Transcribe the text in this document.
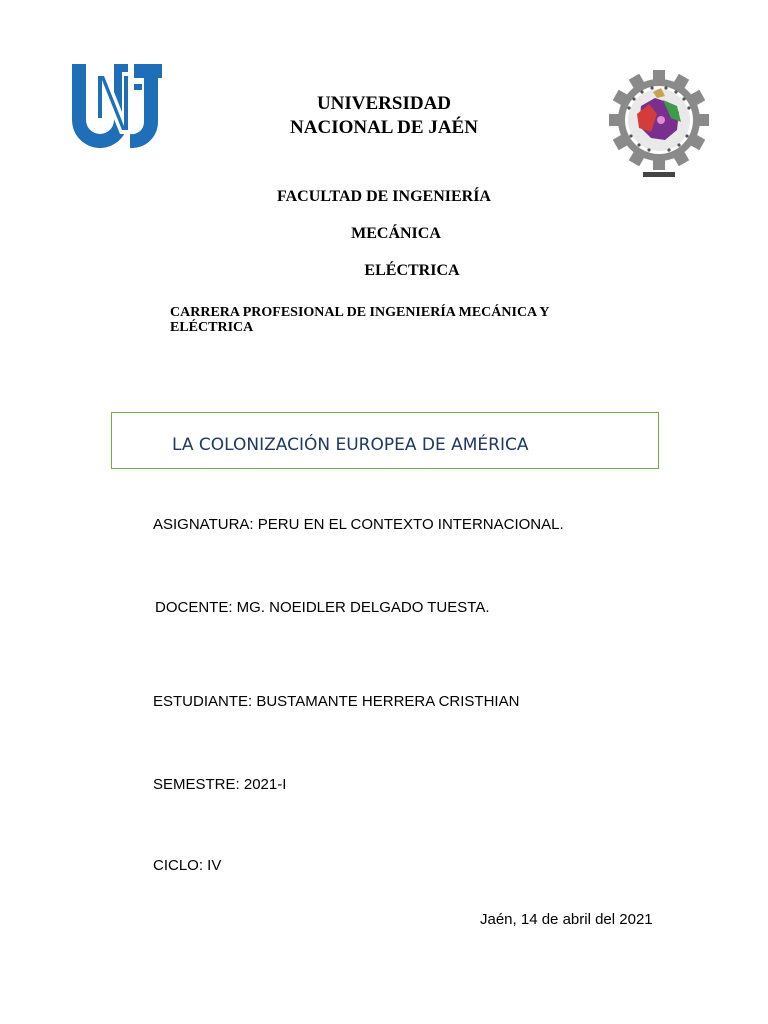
UNIVERSIDAD
NACIONAL DE JAÉN
FACULTAD DE INGENIERÍA
MECÁNICA
ELÉCTRICA
CARRERA PROFESIONAL DE INGENIERÍA MECÁNICA Y ELÉCTRICA
LA COLONIZACIÓN EUROPEA DE AMÉRICA
ASIGNATURA: PERU EN EL CONTEXTO INTERNACIONAL.
DOCENTE: MG. NOEIDLER DELGADO TUESTA.
ESTUDIANTE: BUSTAMANTE HERRERA CRISTHIAN
SEMESTRE: 2021-I
CICLO: IV
Jaén, 14 de abril del 2021
